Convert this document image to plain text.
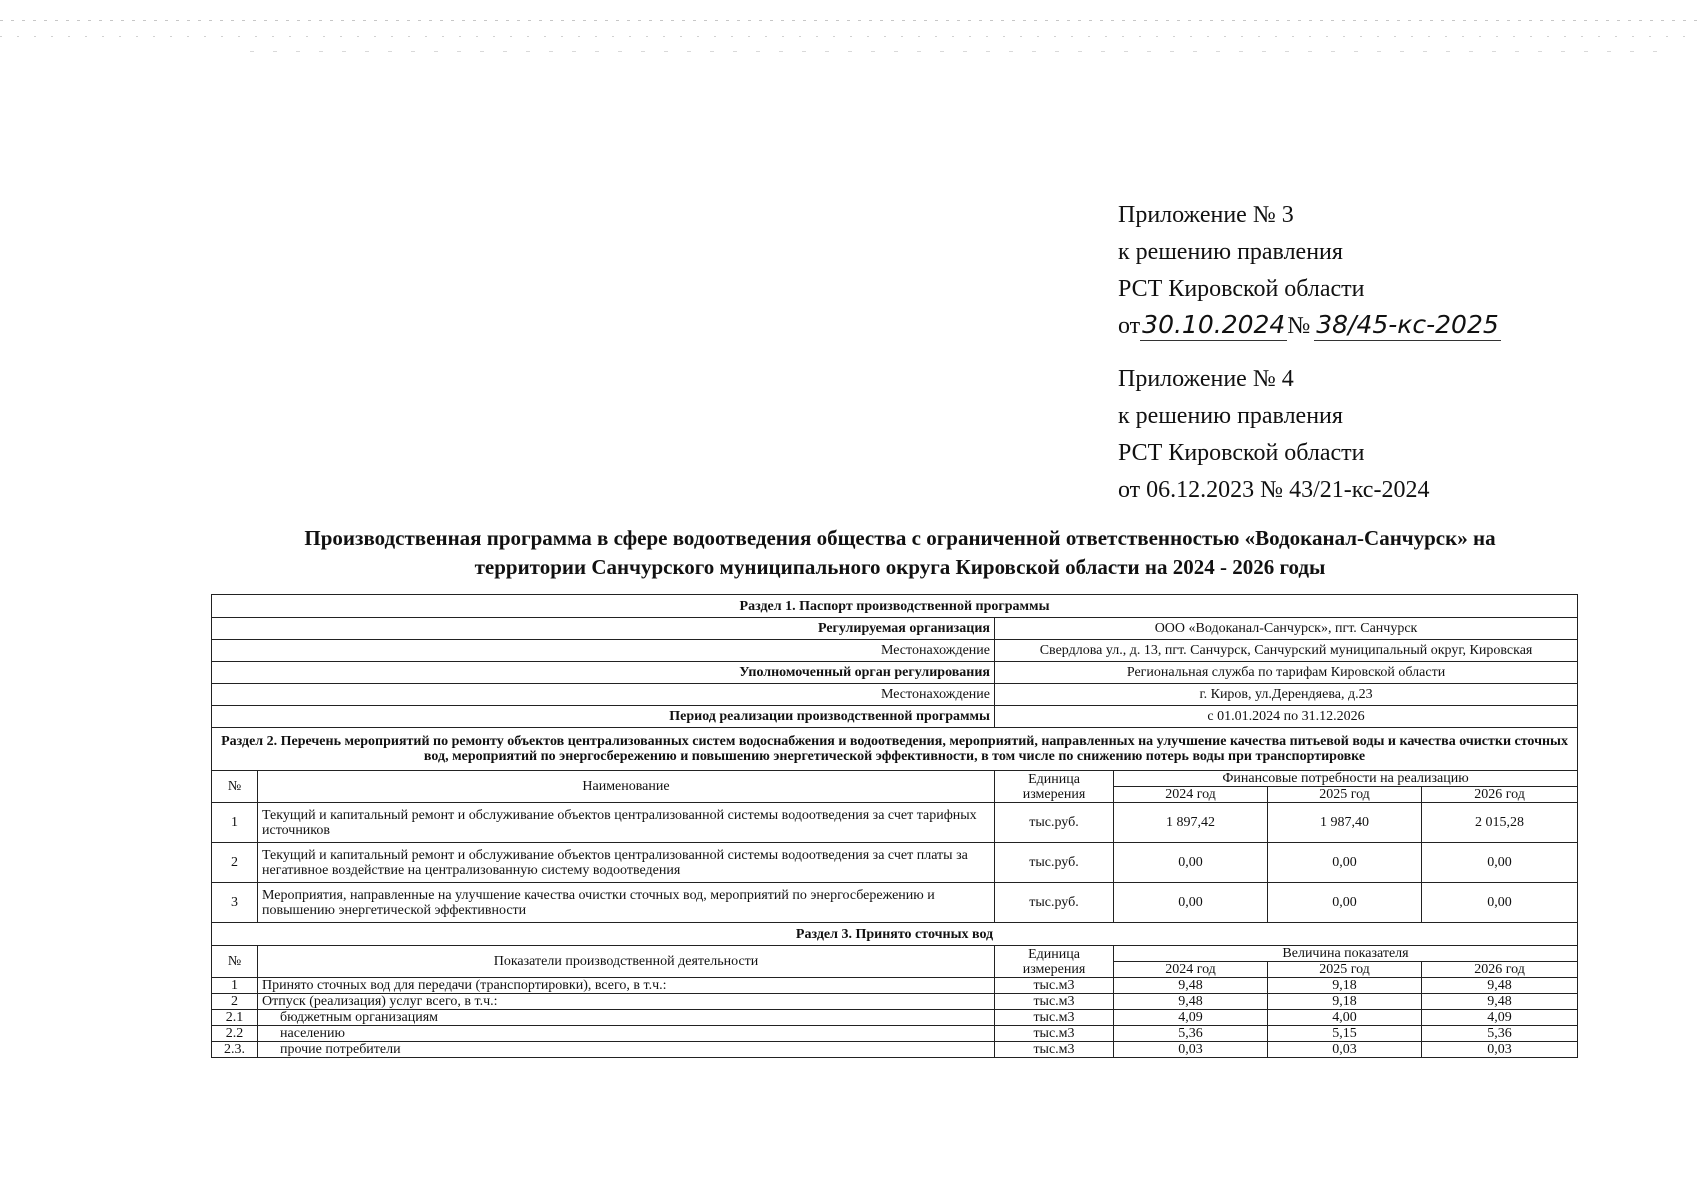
Приложение № 3
к решению правления
РСТ Кировской области
от30.10.2024№ 38/45-кс-2025
Приложение № 4
к решению правления
РСТ Кировской области
от 06.12.2023 № 43/21-кс-2024
Производственная программа в сфере водоотведения общества с ограниченной ответственностью «Водоканал-Санчурск» на
территории Санчурского муниципального округа Кировской области на 2024 - 2026 годы
Раздел 1. Паспорт производственной программы					
Регулируемая организация		ООО «Водоканал-Санчурск», пгт. Санчурск			
Местонахождение		Свердлова ул., д. 13, пгт. Санчурск, Санчурский муниципальный округ, Кировская			
Уполномоченный орган регулирования		Региональная служба по тарифам Кировской области			
Местонахождение		г. Киров, ул.Дерендяева, д.23			
Период реализации производственной программы		с 01.01.2024 по 31.12.2026			
Раздел 2. Перечень мероприятий по ремонту объектов централизованных систем водоснабжения и водоотведения, мероприятий, направленных на улучшение качества питьевой воды и качества очистки сточных вод, мероприятий по энергосбережению и повышению энергетической эффективности, в том числе по снижению потерь воды при транспортировке					
№	Наименование	Единица измерения	Финансовые потребности на реализацию		
			2024 год	2025 год	2026 год
1	Текущий и капитальный ремонт и обслуживание объектов централизованной системы водоотведения за счет тарифных источников	тыс.руб.	1 897,42	1 987,40	2 015,28
2	Текущий и капитальный ремонт и обслуживание объектов централизованной системы водоотведения за счет платы за негативное воздействие на централизованную систему водоотведения	тыс.руб.	0,00	0,00	0,00
3	Мероприятия, направленные на улучшение качества очистки сточных вод, мероприятий по энергосбережению и повышению энергетической эффективности	тыс.руб.	0,00	0,00	0,00
Раздел 3. Принято сточных вод					
№	Показатели производственной деятельности	Единица измерения	Величина показателя		
			2024 год	2025 год	2026 год
1	Принято сточных вод для передачи (транспортировки), всего, в т.ч.:	тыс.м3	9,48	9,18	9,48
2	Отпуск (реализация) услуг всего, в т.ч.:	тыс.м3	9,48	9,18	9,48
2.1	бюджетным организациям	тыс.м3	4,09	4,00	4,09
2.2	населению	тыс.м3	5,36	5,15	5,36
2.3.	прочие потребители	тыс.м3	0,03	0,03	0,03
